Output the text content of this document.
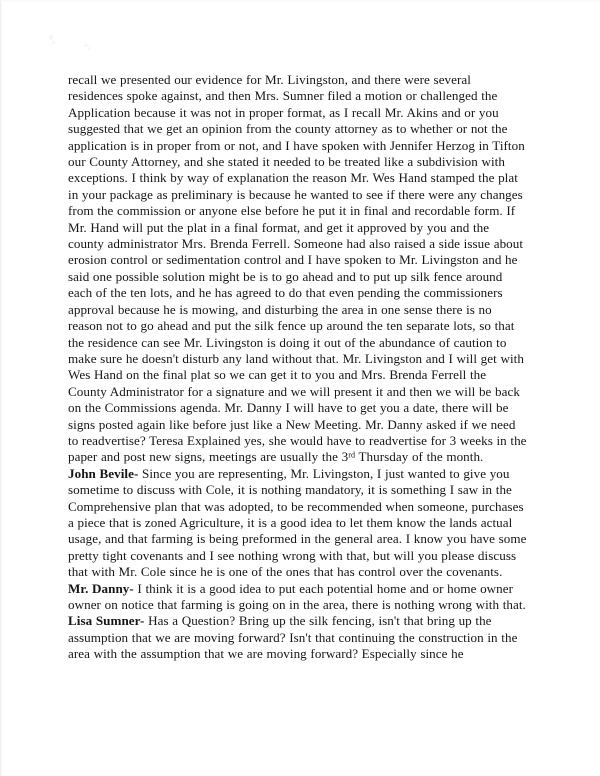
recall we presented our evidence for Mr. Livingston, and there were several residences spoke against, and then Mrs. Sumner filed a motion or challenged the Application because it was not in proper format, as I recall Mr. Akins and or you suggested that we get an opinion from the county attorney as to whether or not the application is in proper from or not, and I have spoken with Jennifer Herzog in Tifton our County Attorney, and she stated it needed to be treated like a subdivision with exceptions. I think by way of explanation the reason Mr. Wes Hand stamped the plat in your package as preliminary is because he wanted to see if there were any changes from the commission or anyone else before he put it in final and recordable form. If Mr. Hand will put the plat in a final format, and get it approved by you and the county administrator Mrs. Brenda Ferrell. Someone had also raised a side issue about erosion control or sedimentation control and I have spoken to Mr. Livingston and he said one possible solution might be is to go ahead and to put up silk fence around each of the ten lots, and he has agreed to do that even pending the commissioners approval because he is mowing, and disturbing the area in one sense there is no reason not to go ahead and put the silk fence up around the ten separate lots, so that the residence can see Mr. Livingston is doing it out of the abundance of caution to make sure he doesn't disturb any land without that. Mr. Livingston and I will get with Wes Hand on the final plat so we can get it to you and Mrs. Brenda Ferrell the County Administrator for a signature and we will present it and then we will be back on the Commissions agenda. Mr. Danny I will have to get you a date, there will be signs posted again like before just like a New Meeting. Mr. Danny asked if we need to readvertise? Teresa Explained yes, she would have to readvertise for 3 weeks in the paper and post new signs, meetings are usually the 3rd Thursday of the month.

John Bevile- Since you are representing, Mr. Livingston, I just wanted to give you sometime to discuss with Cole, it is nothing mandatory, it is something I saw in the Comprehensive plan that was adopted, to be recommended when someone, purchases a piece that is zoned Agriculture, it is a good idea to let them know the lands actual usage, and that farming is being preformed in the general area. I know you have some pretty tight covenants and I see nothing wrong with that, but will you please discuss that with Mr. Cole since he is one of the ones that has control over the covenants.

Mr. Danny- I think it is a good idea to put each potential home and or home owner owner on notice that farming is going on in the area, there is nothing wrong with that.

Lisa Sumner- Has a Question? Bring up the silk fencing, isn't that bring up the assumption that we are moving forward? Isn't that continuing the construction in the area with the assumption that we are moving forward? Especially since he
